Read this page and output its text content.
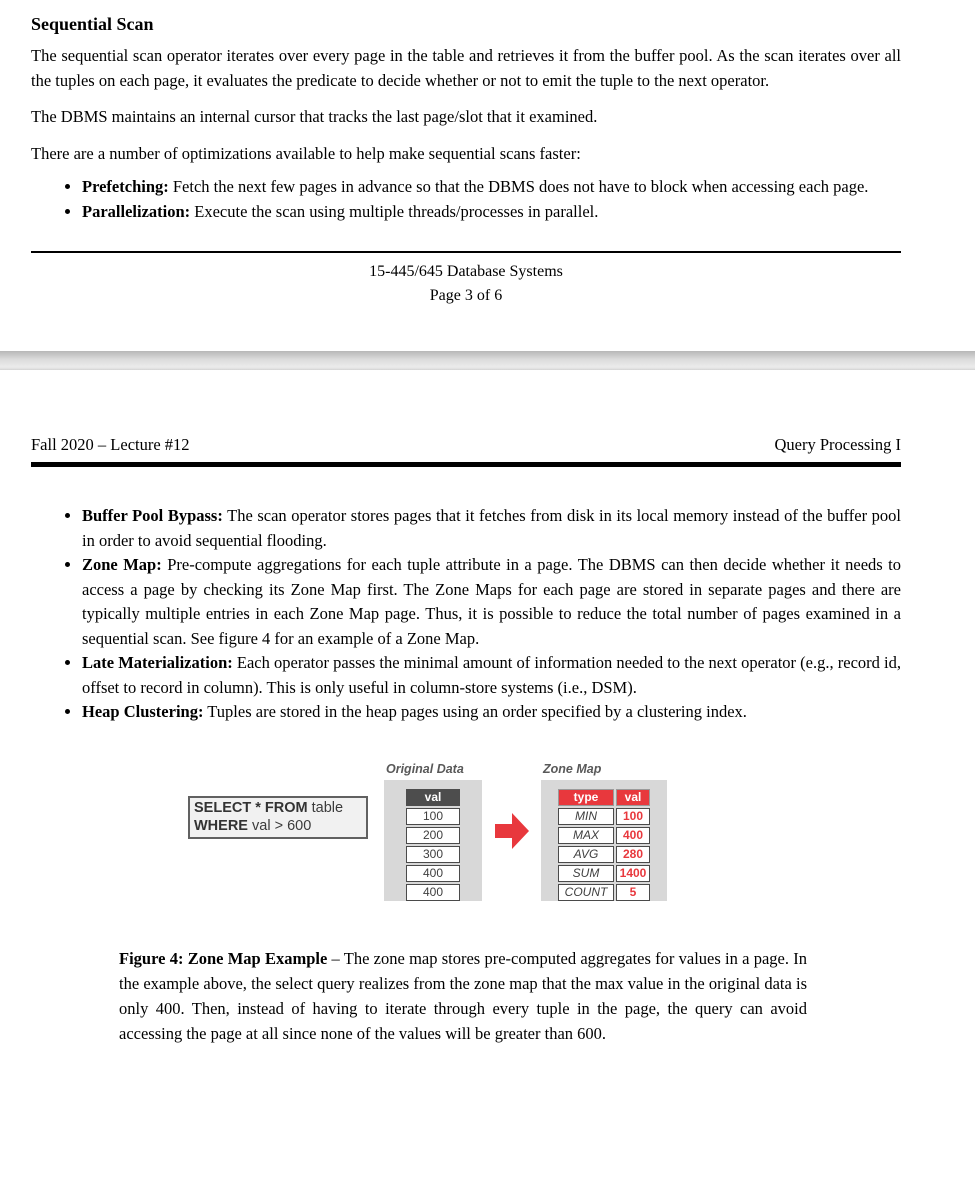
Sequential Scan

The sequential scan operator iterates over every page in the table and retrieves it from the buffer pool. As the scan iterates over all the tuples on each page, it evaluates the predicate to decide whether or not to emit the tuple to the next operator.

The DBMS maintains an internal cursor that tracks the last page/slot that it examined.

There are a number of optimizations available to help make sequential scans faster:

• Prefetching: Fetch the next few pages in advance so that the DBMS does not have to block when accessing each page.
• Parallelization: Execute the scan using multiple threads/processes in parallel.
15-445/645 Database Systems
Page 3 of 6
Fall 2020 – Lecture #12	Query Processing I
• Buffer Pool Bypass: The scan operator stores pages that it fetches from disk in its local memory instead of the buffer pool in order to avoid sequential flooding.
• Zone Map: Pre-compute aggregations for each tuple attribute in a page. The DBMS can then decide whether it needs to access a page by checking its Zone Map first. The Zone Maps for each page are stored in separate pages and there are typically multiple entries in each Zone Map page. Thus, it is possible to reduce the total number of pages examined in a sequential scan. See figure 4 for an example of a Zone Map.
• Late Materialization: Each operator passes the minimal amount of information needed to the next operator (e.g., record id, offset to record in column). This is only useful in column-store systems (i.e., DSM).
• Heap Clustering: Tuples are stored in the heap pages using an order specified by a clustering index.
SELECT * FROM table
WHERE val > 600
Original Data
val
100
200
300
400
400
Zone Map
type	val
MIN	100
MAX	400
AVG	280
SUM	1400
COUNT	5
Figure 4: Zone Map Example – The zone map stores pre-computed aggregates for values in a page. In the example above, the select query realizes from the zone map that the max value in the original data is only 400. Then, instead of having to iterate through every tuple in the page, the query can avoid accessing the page at all since none of the values will be greater than 600.
